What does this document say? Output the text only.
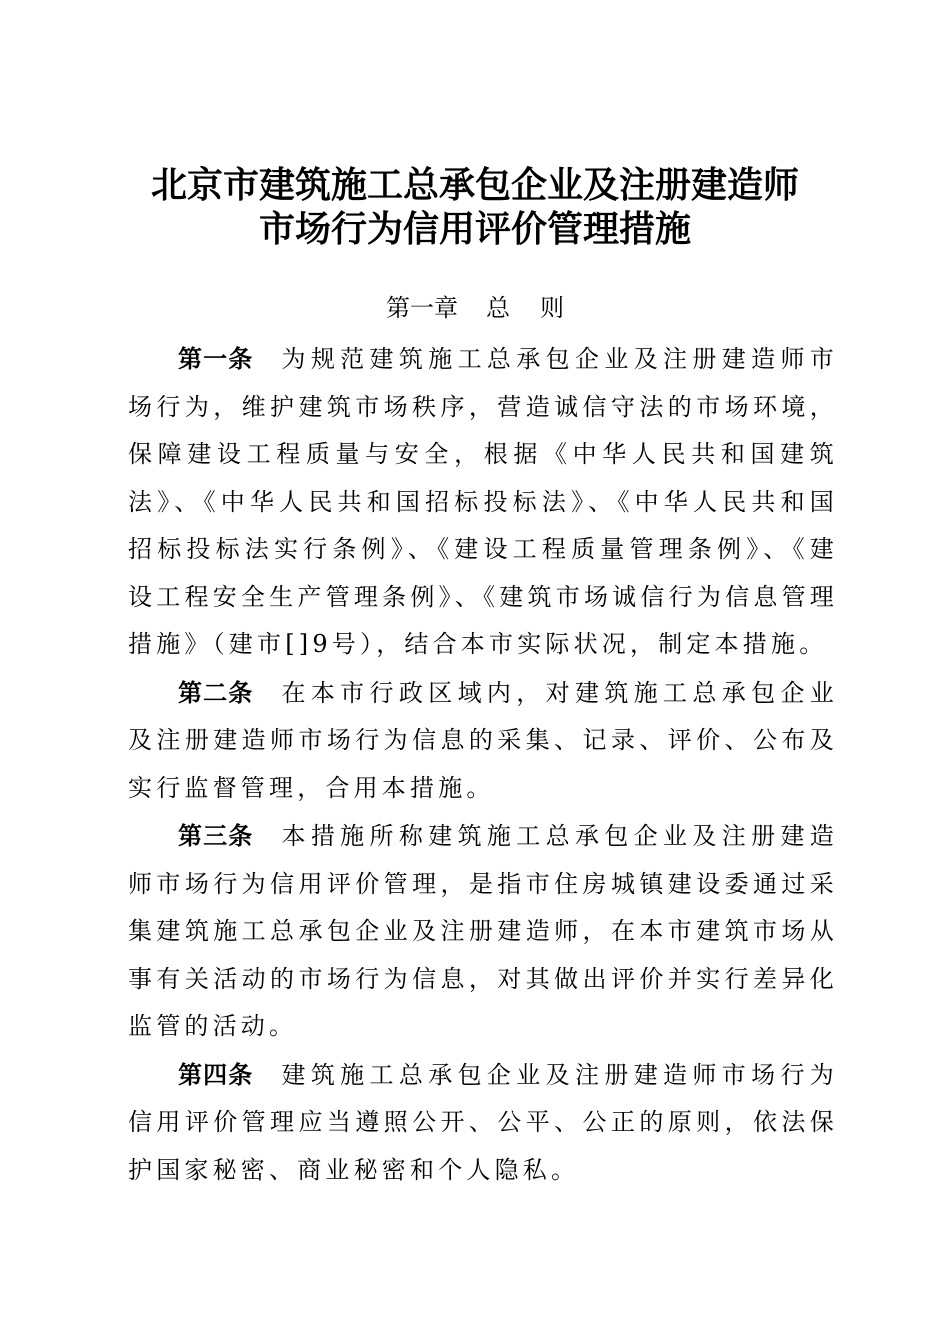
北京市建筑施工总承包企业及注册建造师
市场行为信用评价管理措施
第一章 总 则

第一条 为规范建筑施工总承包企业及注册建造师市场行为，维护建筑市场秩序，营造诚信守法的市场环境，保障建设工程质量与安全，根据《中华人民共和国建筑法》、《中华人民共和国招标投标法》、《中华人民共和国招标投标法实行条例》、《建设工程质量管理条例》、《建设工程安全生产管理条例》、《建筑市场诚信行为信息管理措施》（建市[]9号），结合本市实际状况，制定本措施。

第二条 在本市行政区域内，对建筑施工总承包企业及注册建造师市场行为信息的采集、记录、评价、公布及实行监督管理，合用本措施。

第三条 本措施所称建筑施工总承包企业及注册建造师市场行为信用评价管理，是指市住房城镇建设委通过采集建筑施工总承包企业及注册建造师，在本市建筑市场从事有关活动的市场行为信息，对其做出评价并实行差异化监管的活动。

第四条 建筑施工总承包企业及注册建造师市场行为信用评价管理应当遵照公开、公平、公正的原则，依法保护国家秘密、商业秘密和个人隐私。
